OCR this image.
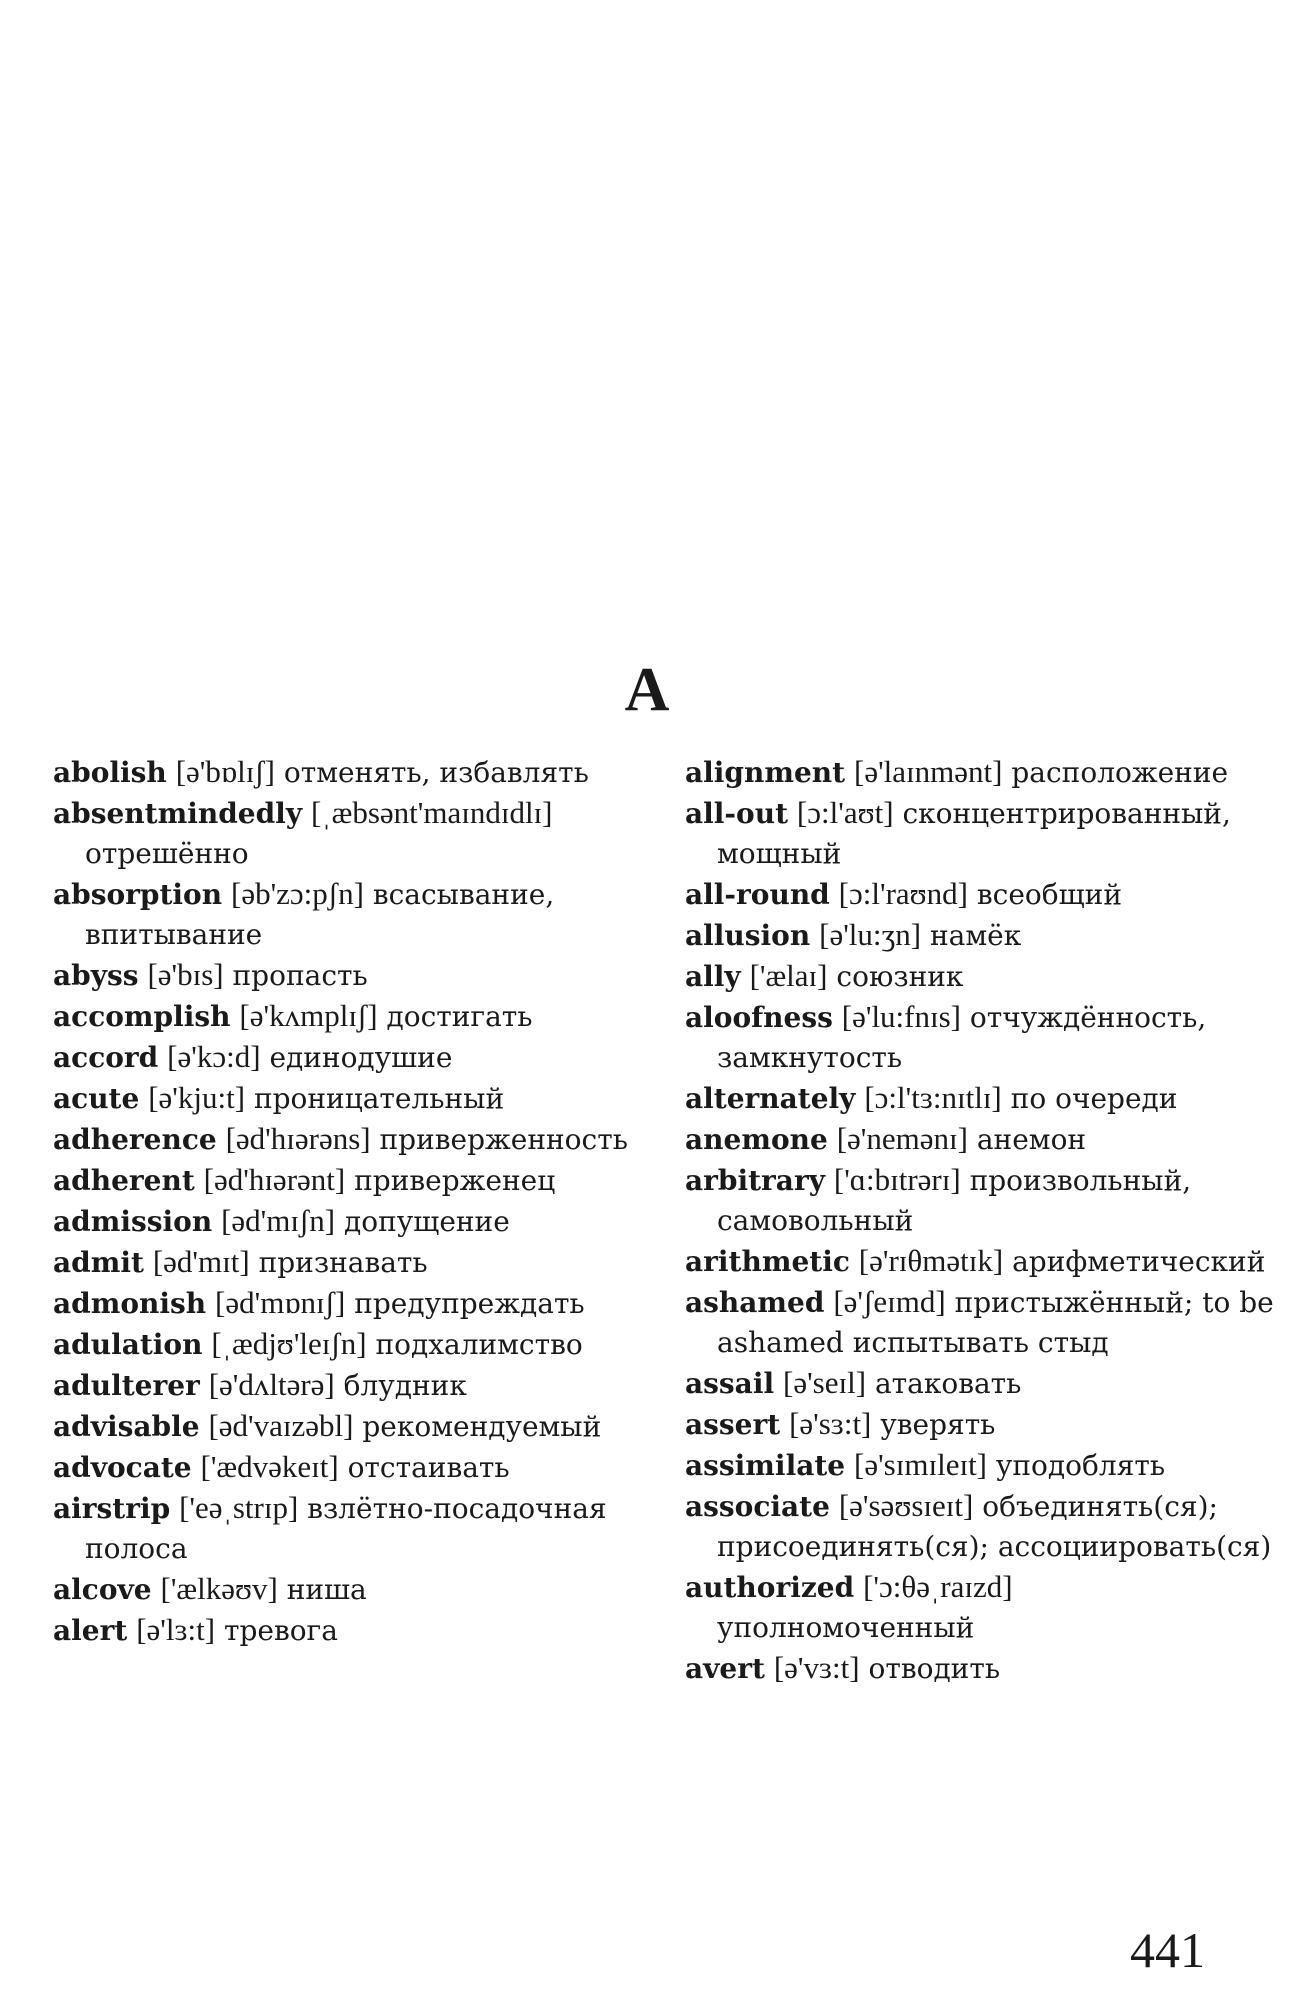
A
abolish [ə'bɒlɪʃ] отменять, избавлять
absentmindedly [ˌæbsənt'maɪndɪdlɪ] отрешённо
absorption [əb'zɔ:pʃn] всасывание, впитывание
abyss [ə'bɪs] пропасть
accomplish [ə'kʌmplɪʃ] достигать
accord [ə'kɔ:d] единодушие
acute [ə'kju:t] проницательный
adherence [əd'hɪərəns] приверженность
adherent [əd'hɪərənt] приверженец
admission [əd'mɪʃn] допущение
admit [əd'mɪt] признавать
admonish [əd'mɒnɪʃ] предупреждать
adulation [ˌædjʊ'leɪʃn] подхалимство
adulterer [ə'dʌltərə] блудник
advisable [əd'vaɪzəbl] рекомендуемый
advocate ['ædvəkeɪt] отстаивать
airstrip ['eəˌstrɪp] взлётно-посадочная полоса
alcove ['ælkəʊv] ниша
alert [ə'lɜ:t] тревога
alignment [ə'laɪnmənt] расположение
all-out [ɔ:l'aʊt] сконцентрированный, мощный
all-round [ɔ:l'raʊnd] всеобщий
allusion [ə'lu:ʒn] намёк
ally ['ælaɪ] союзник
aloofness [ə'lu:fnɪs] отчуждённость, замкнутость
alternately [ɔ:l'tɜ:nɪtlɪ] по очереди
anemone [ə'nemənɪ] анемон
arbitrary ['ɑ:bɪtrərɪ] произвольный, самовольный
arithmetic [ə'rɪθmətɪk] арифметический
ashamed [ə'ʃeɪmd] пристыжённый; to be ashamed испытывать стыд
assail [ə'seɪl] атаковать
assert [ə'sɜ:t] уверять
assimilate [ə'sɪmɪleɪt] уподоблять
associate [ə'səʊsɪeɪt] объединять(ся); присоединять(ся); ассоциировать(ся)
authorized ['ɔ:θəˌraɪzd] уполномоченный
avert [ə'vɜ:t] отводить
441
